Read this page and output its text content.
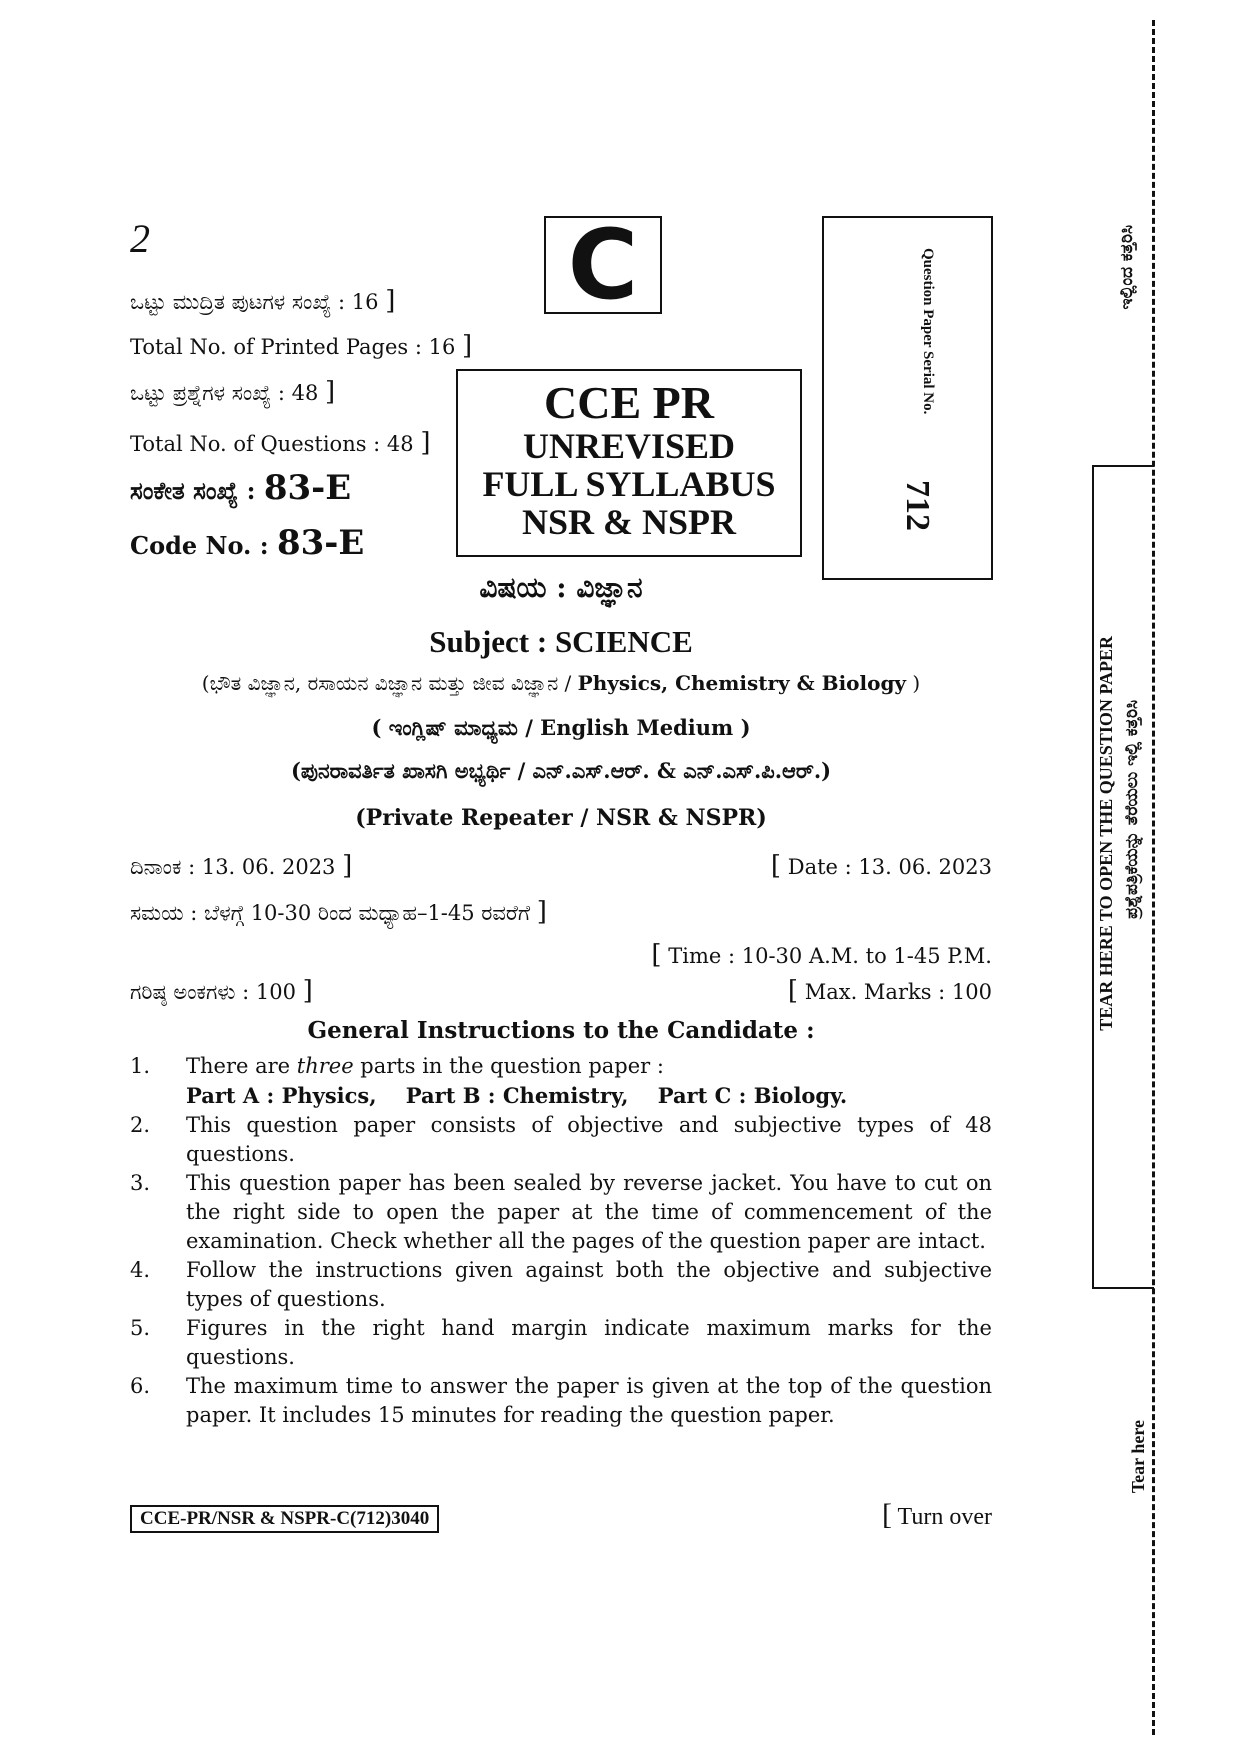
2
ಒಟ್ಟು ಮುದ್ರಿತ ಪುಟಗಳ ಸಂಖ್ಯೆ : 16 ]
Total No. of Printed Pages : 16 ]
ಒಟ್ಟು ಪ್ರಶ್ನೆಗಳ ಸಂಖ್ಯೆ : 48 ]
Total No. of Questions : 48 ]
ಸಂಕೇತ ಸಂಖ್ಯೆ : 83-E
Code No. : 83-E
C
CCE PR
UNREVISED
FULL SYLLABUS
NSR & NSPR
Question Paper Serial No.
712
ವಿಷಯ : ವಿಜ್ಞಾನ
Subject : SCIENCE
(ಭೌತ ವಿಜ್ಞಾನ, ರಸಾಯನ ವಿಜ್ಞಾನ ಮತ್ತು ಜೀವ ವಿಜ್ಞಾನ / Physics, Chemistry & Biology )
( ಇಂಗ್ಲಿಷ್ ಮಾಧ್ಯಮ / English Medium )
(ಪುನರಾವರ್ತಿತ ಖಾಸಗಿ ಅಭ್ಯರ್ಥಿ / ಎನ್.ಎಸ್.ಆರ್. & ಎನ್.ಎಸ್.ಪಿ.ಆರ್.)
(Private Repeater / NSR & NSPR)
ದಿನಾಂಕ : 13. 06. 2023 ]	[ Date : 13. 06. 2023
ಸಮಯ : ಬೆಳಗ್ಗೆ 10-30 ರಿಂದ ಮಧ್ಯಾಹ–1-45 ರವರೆಗೆ ]
[ Time : 10-30 A.M. to 1-45 P.M.
ಗರಿಷ್ಠ ಅಂಕಗಳು : 100 ]	[ Max. Marks : 100
General Instructions to the Candidate :
1. There are three parts in the question paper :
Part A : Physics,    Part B : Chemistry,    Part C : Biology.
2. This question paper consists of objective and subjective types of 48 questions.
3. This question paper has been sealed by reverse jacket. You have to cut on the right side to open the paper at the time of commencement of the examination. Check whether all the pages of the question paper are intact.
4. Follow the instructions given against both the objective and subjective types of questions.
5. Figures in the right hand margin indicate maximum marks for the questions.
6. The maximum time to answer the paper is given at the top of the question paper. It includes 15 minutes for reading the question paper.
CCE-PR/NSR & NSPR-C(712)3040	[ Turn over
ಇಲ್ಲಿಂದ ಕತ್ತರಿಸಿ
TEAR HERE TO OPEN THE QUESTION PAPER ಪ್ರಶ್ನೆಪತ್ರಿಕೆಯನ್ನು ತೆರೆಯಲು ಇಲ್ಲಿ ಕತ್ತರಿಸಿ
Tear here
